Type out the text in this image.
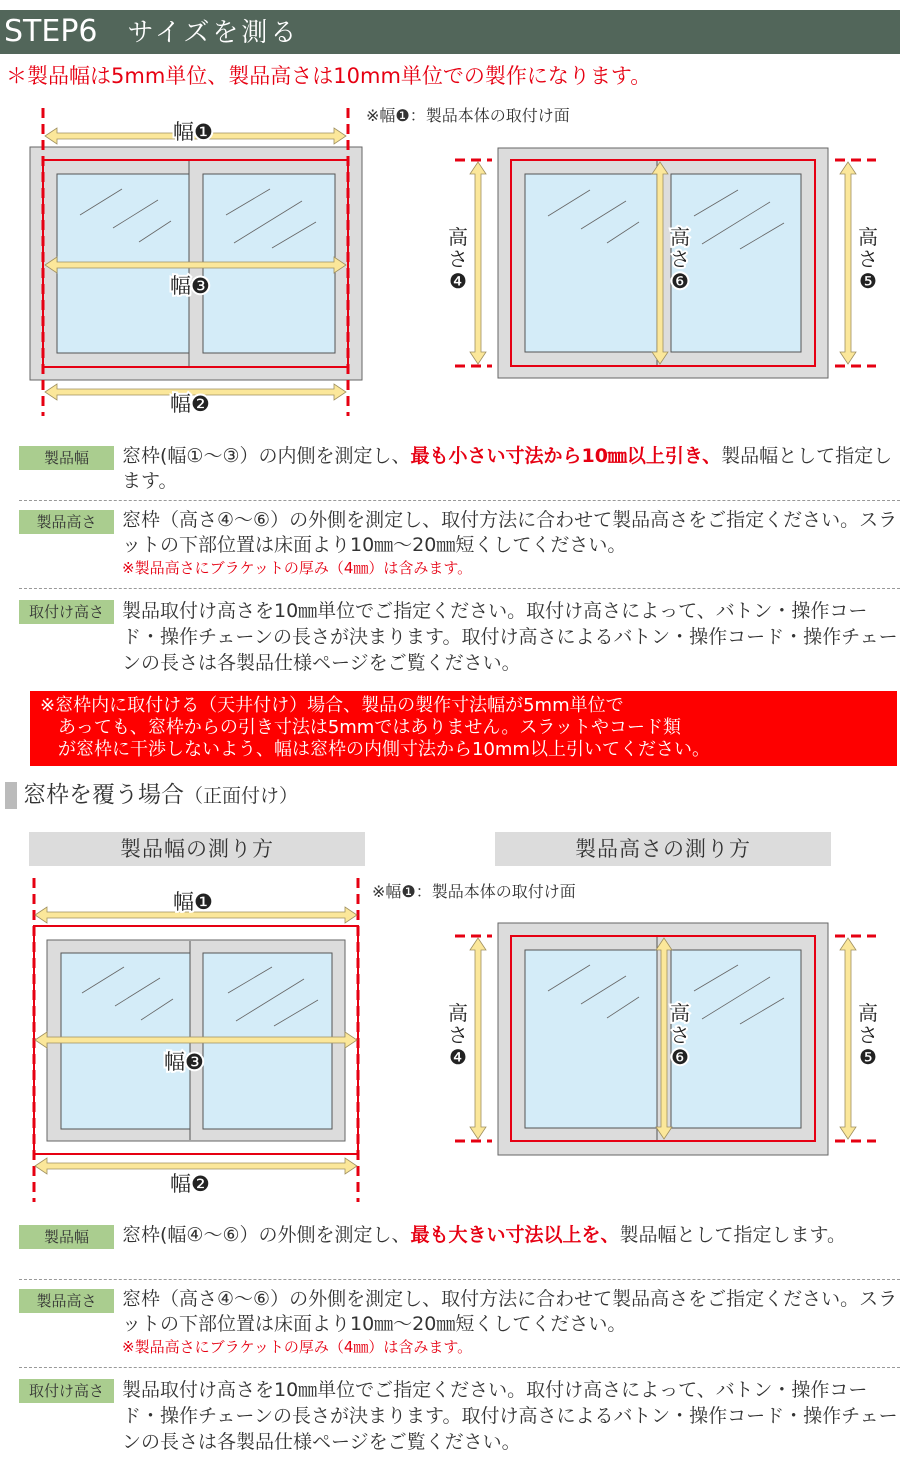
STEP6 サイズを測る
＊製品幅は5mm単位、製品高さは10mm単位での製作になります。
※幅❶：製品本体の取付け面
※幅❶：製品本体の取付け面
幅❶
幅❸
幅❷
幅❶
幅❸
幅❷
高
さ
❹
高
さ
❻
高
さ
❺
高
さ
❹
高
さ
❻
高
さ
❺
製品幅	窓枠(幅①〜③）の内側を測定し、最も小さい寸法から10㎜以上引き、製品幅として指定します。
製品高さ	窓枠（高さ④〜⑥）の外側を測定し、取付方法に合わせて製品高さをご指定ください。スラットの下部位置は床面より10㎜〜20㎜短くしてください。
※製品高さにブラケットの厚み（4㎜）は含みます。
取付け高さ 製品取付け高さを10㎜単位でご指定ください。取付け高さによって、バトン・操作コード・操作チェーンの長さが決まります。取付け高さによるバトン・操作コード・操作チェーンの長さは各製品仕様ページをご覧ください。
※窓枠内に取付ける（天井付け）場合、製品の製作寸法幅が5mm単位で
　あっても、窓枠からの引き寸法は5mmではありません。スラットやコード類
　が窓枠に干渉しないよう、幅は窓枠の内側寸法から10mm以上引いてください。
窓枠を覆う場合（正面付け）
製品幅の測り方	製品高さの測り方
製品幅	窓枠(幅④〜⑥）の外側を測定し、最も大きい寸法以上を、製品幅として指定します。
製品高さ	窓枠（高さ④〜⑥）の外側を測定し、取付方法に合わせて製品高さをご指定ください。スラットの下部位置は床面より10㎜〜20㎜短くしてください。
※製品高さにブラケットの厚み（4㎜）は含みます。
取付け高さ 製品取付け高さを10㎜単位でご指定ください。取付け高さによって、バトン・操作コード・操作チェーンの長さが決まります。取付け高さによるバトン・操作コード・操作チェーンの長さは各製品仕様ページをご覧ください。
